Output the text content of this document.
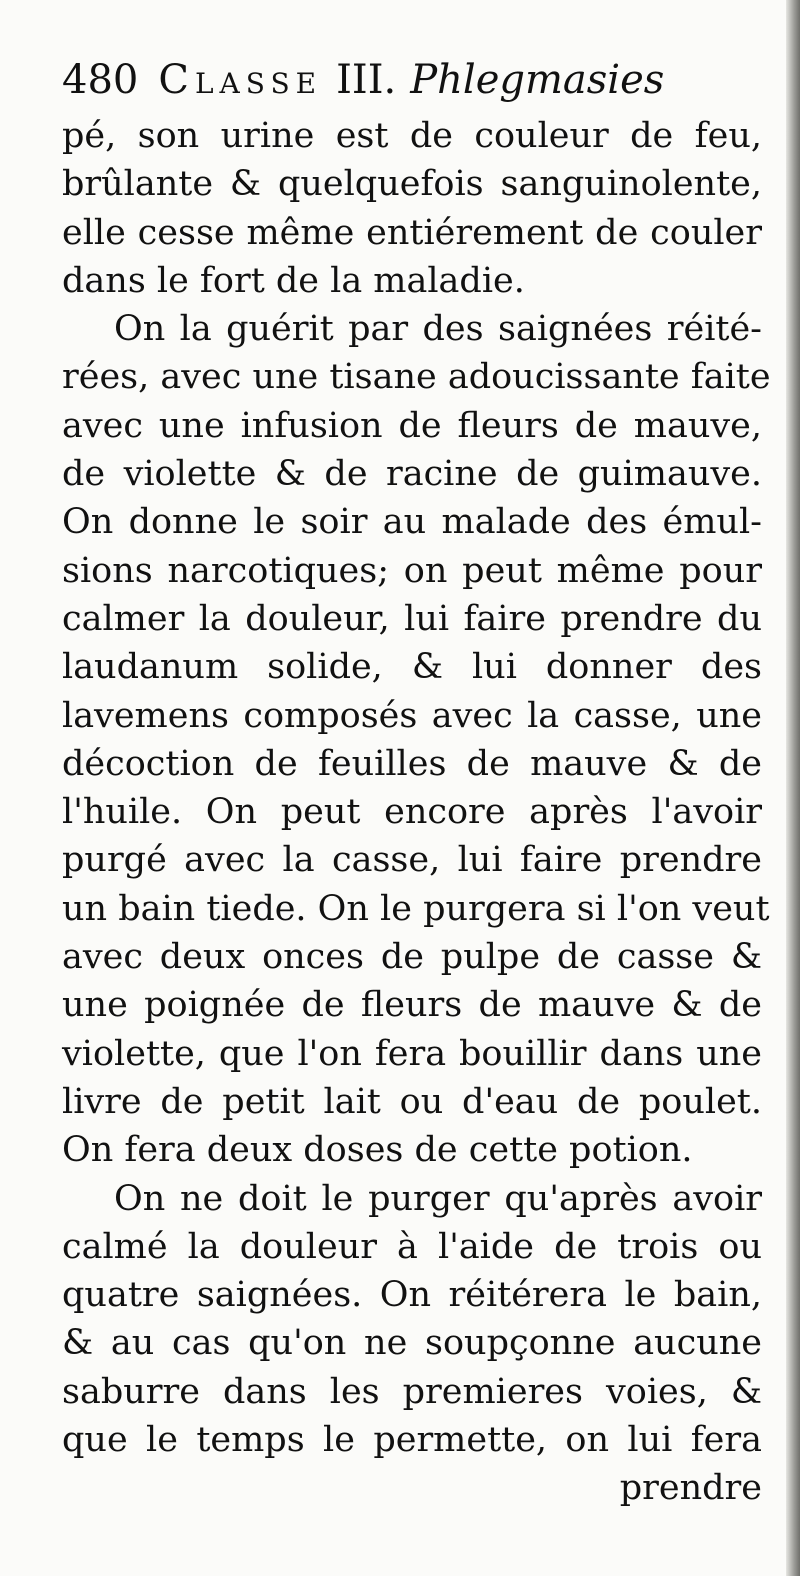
480 Classe III. Phlegmasies
pé, son urine est de couleur de feu,
brûlante & quelquefois sanguinolente,
elle cesse même entiérement de couler
dans le fort de la maladie.
On la guérit par des saignées réité-
rées, avec une tisane adoucissante faite
avec une infusion de fleurs de mauve,
de violette & de racine de guimauve.
On donne le soir au malade des émul-
sions narcotiques; on peut même pour
calmer la douleur, lui faire prendre du
laudanum solide, & lui donner des
lavemens composés avec la casse, une
décoction de feuilles de mauve & de
l'huile. On peut encore après l'avoir
purgé avec la casse, lui faire prendre
un bain tiede. On le purgera si l'on veut
avec deux onces de pulpe de casse &
une poignée de fleurs de mauve & de
violette, que l'on fera bouillir dans une
livre de petit lait ou d'eau de poulet.
On fera deux doses de cette potion.
On ne doit le purger qu'après avoir
calmé la douleur à l'aide de trois ou
quatre saignées. On réitérera le bain,
& au cas qu'on ne soupçonne aucune
saburre dans les premieres voies, &
que le temps le permette, on lui fera
prendre
